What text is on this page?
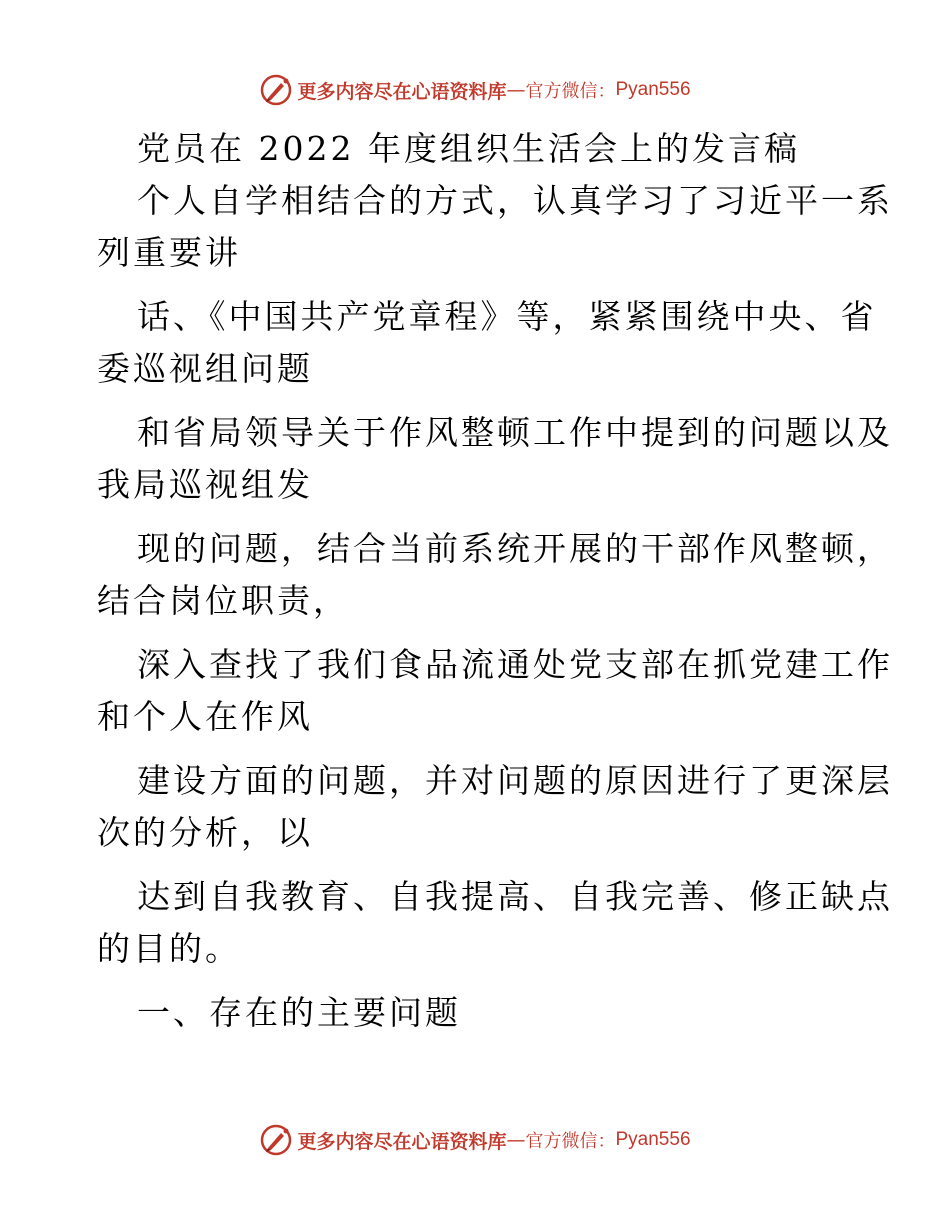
更多内容尽在心语资料库 — 官方微信： Pyan556
党员在 2022 年度组织生活会上的发言稿
个人自学相结合的方式，认真学习了习近平一系
列重要讲
话、《中国共产党章程》等，紧紧围绕中央、省
委巡视组问题
和省局领导关于作风整顿工作中提到的问题以及
我局巡视组发
现的问题，结合当前系统开展的干部作风整顿，
结合岗位职责，
深入查找了我们食品流通处党支部在抓党建工作
和个人在作风
建设方面的问题，并对问题的原因进行了更深层
次的分析，以
达到自我教育、自我提高、自我完善、修正缺点
的目的。
一、存在的主要问题
更多内容尽在心语资料库 — 官方微信： Pyan556
